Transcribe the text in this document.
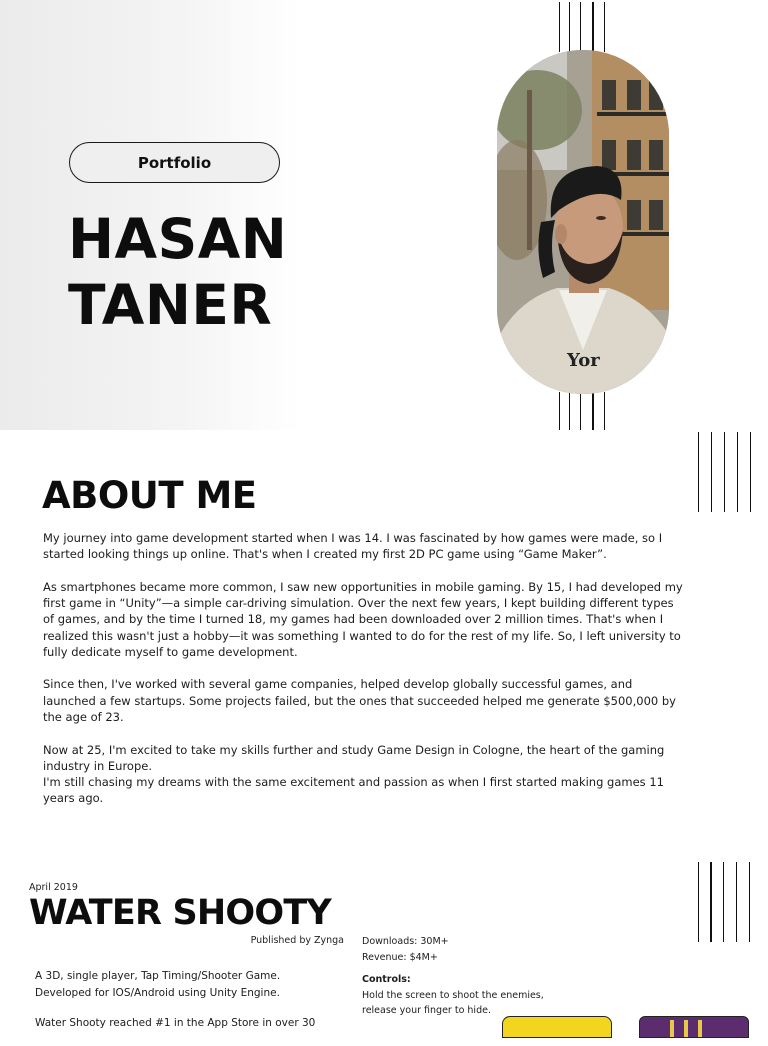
Portfolio
HASAN
TANER
Yor
ABOUT ME

My journey into game development started when I was 14. I was fascinated by how games were made, so I started looking things up online. That's when I created my first 2D PC game using “Game Maker”.

As smartphones became more common, I saw new opportunities in mobile gaming. By 15, I had developed my first game in “Unity”—a simple car-driving simulation. Over the next few years, I kept building different types of games, and by the time I turned 18, my games had been downloaded over 2 million times. That's when I realized this wasn't just a hobby—it was something I wanted to do for the rest of my life. So, I left university to fully dedicate myself to game development.

Since then, I've worked with several game companies, helped develop globally successful games, and launched a few startups. Some projects failed, but the ones that succeeded helped me generate $500,000 by the age of 23.

Now at 25, I'm excited to take my skills further and study Game Design in Cologne, the heart of the gaming industry in Europe.
I'm still chasing my dreams with the same excitement and passion as when I first started making games 11 years ago.

April 2019
WATER SHOOTY
Published by Zynga

A 3D, single player, Tap Timing/Shooter Game. Developed for IOS/Android using Unity Engine.

Water Shooty reached #1 in the App Store in over 30

Downloads: 30M+
Revenue: $4M+
Controls:
Hold the screen to shoot the enemies, release your finger to hide.
